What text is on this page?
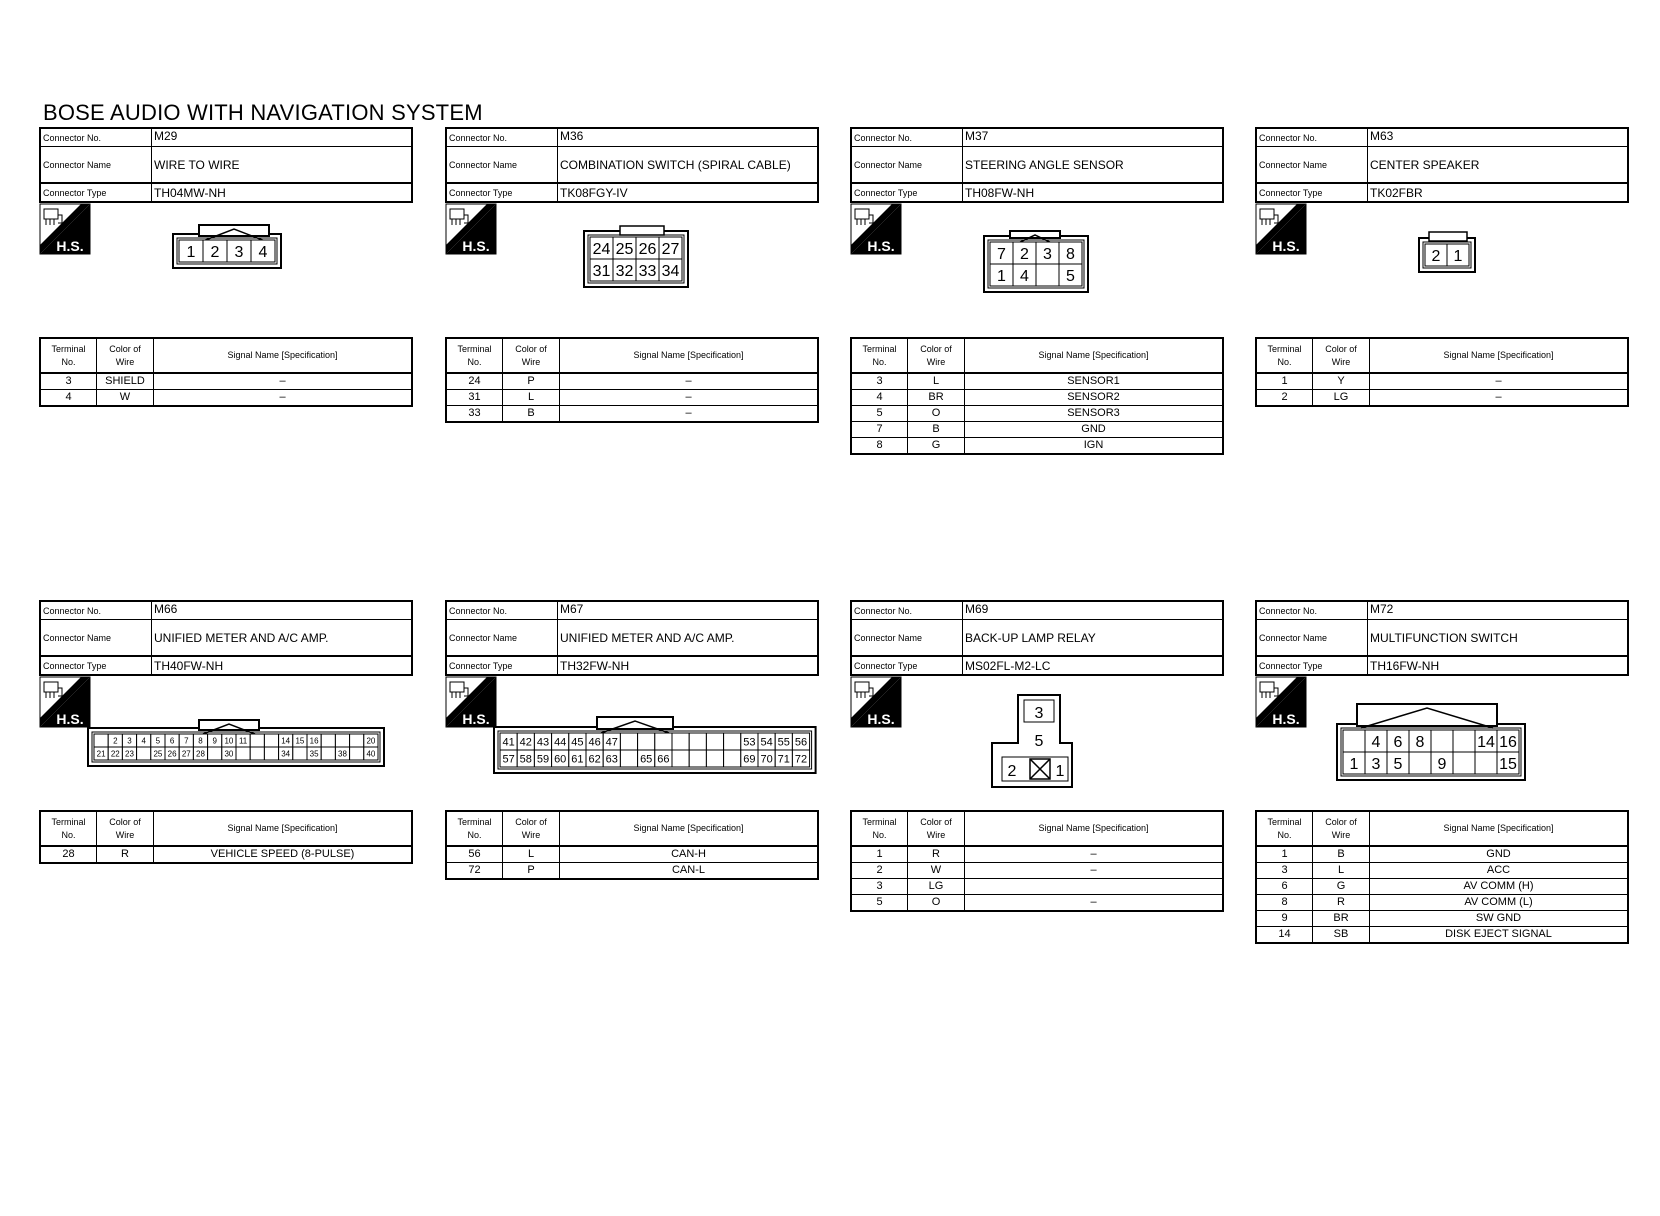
BOSE AUDIO WITH NAVIGATION SYSTEM
Connector No.	M29
Connector Name	WIRE TO WIRE
Connector Type	TH04MW-NH
H.S.	1 2 3 4
Terminal
No.	Color of
Wire	Signal Name [Specification]
3	SHIELD	–
4	W	–
Connector No.	M36
Connector Name	COMBINATION SWITCH (SPIRAL CABLE)
Connector Type	TK08FGY-IV
H.S.	24 25 26 27
31 32 33 34
Terminal
No.	Color of
Wire	Signal Name [Specification]
24	P	–
31	L	–
33	B	–
Connector No.	M37
Connector Name	STEERING ANGLE SENSOR
Connector Type	TH08FW-NH
H.S.	7 2 3 8
1 4 5
Terminal
No.	Color of
Wire	Signal Name [Specification]
3	L	SENSOR1
4	BR	SENSOR2
5	O	SENSOR3
7	B	GND
8	G	IGN
Connector No.	M63
Connector Name	CENTER SPEAKER
Connector Type	TK02FBR
H.S.
2 1
Terminal
No.	Color of
Wire	Signal Name [Specification]
1	Y	–
2	LG	–
Connector No.	M66
Connector Name	UNIFIED METER AND A/C AMP.
Connector Type	TH40FW-NH
H.S.
2 3 4 5 6 7 8 9 10 11	14 15 16	20
21 22 23 25 26 27 28 30	34 35 38 40
Terminal
No.	Color of
Wire	Signal Name [Specification]
28	R	VEHICLE SPEED (8-PULSE)
Connector No.	M67
Connector Name	UNIFIED METER AND A/C AMP.
Connector Type	TH32FW-NH
H.S.
41 42 43 44 45 46 47	53 54 55 56
57 58 59 60 61 62 63 65 66	69 70 71 72
Terminal
No.	Color of
Wire	Signal Name [Specification]
56	L	CAN-H
72	P	CAN-L
Connector No.	M69
Connector Name	BACK-UP LAMP RELAY
Connector Type	MS02FL-M2-LC
H.S.	3
5
2 1
Terminal
No.	Color of
Wire	Signal Name [Specification]
1	R	–
2	W	–
3	LG	
5	O	–
Connector No.	M72
Connector Name	MULTIFUNCTION SWITCH
Connector Type	TH16FW-NH
H.S.
4 6 8	14 16
1 3 5 9	15
Terminal
No.	Color of
Wire	Signal Name [Specification]
1	B	GND
3	L	ACC
6	G	AV COMM (H)
8	R	AV COMM (L)
9	BR	SW GND
14	SB	DISK EJECT SIGNAL
